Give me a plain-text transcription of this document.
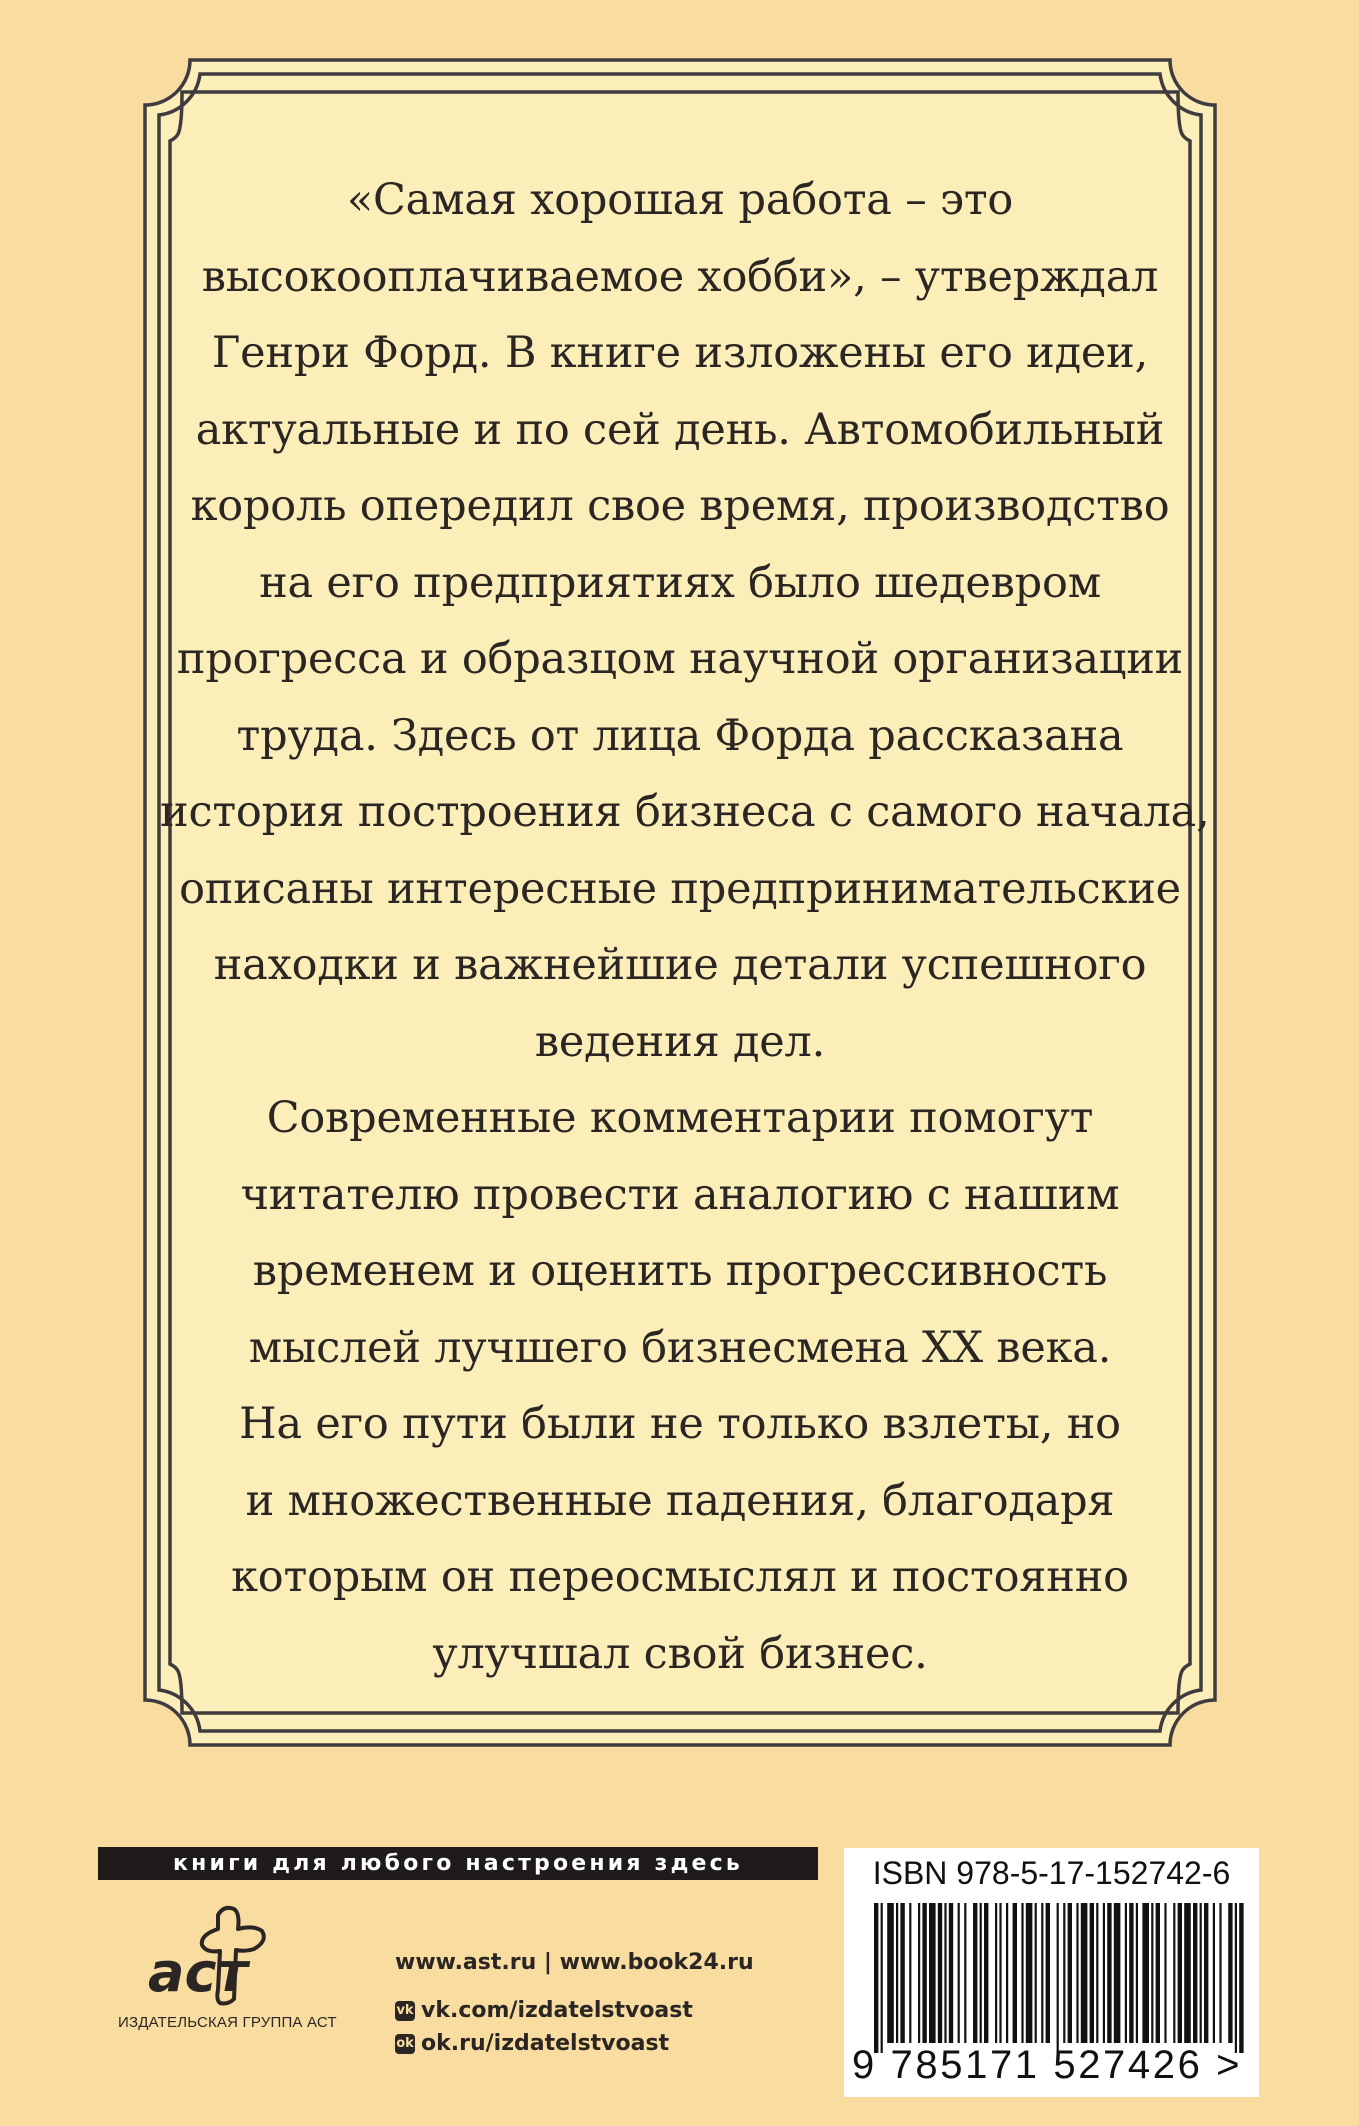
«Самая хорошая работа – это
высокооплачиваемое хобби», – утверждал
Генри Форд. В книге изложены его идеи,
актуальные и по сей день. Автомобильный
король опередил свое время, производство
на его предприятиях было шедевром
прогресса и образцом научной организации
труда. Здесь от лица Форда рассказана
история построения бизнеса с самого начала,
описаны интересные предпринимательские
находки и важнейшие детали успешного
ведения дел.
Современные комментарии помогут
читателю провести аналогию с нашим
временем и оценить прогрессивность
мыслей лучшего бизнесмена XX века.
На его пути были не только взлеты, но
и множественные падения, благодаря
которым он переосмыслял и постоянно
улучшал свой бизнес.
книги для любого настроения здесь
аст
ИЗДАТЕЛЬСКАЯ ГРУППА АСТ
www.ast.ru | www.book24.ru
vk vk.com/izdatelstvoast
ok ok.ru/izdatelstvoast
ISBN 978-5-17-152742-6
9 785171 527426 >
